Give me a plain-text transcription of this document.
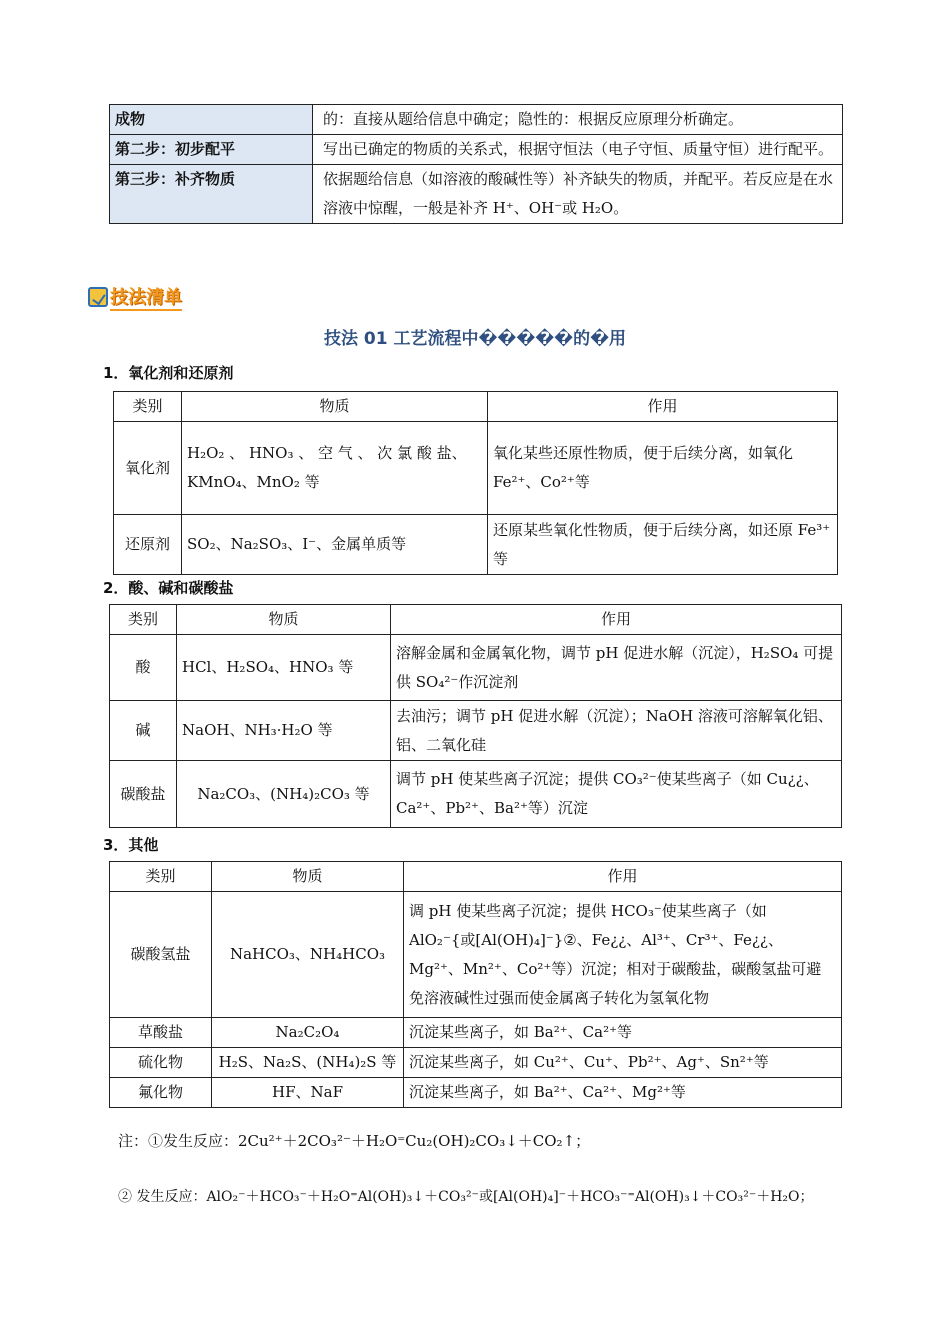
成物	的：直接从题给信息中确定；隐性的：根据反应原理分析确定。
第二步：初步配平	写出已确定的物质的关系式，根据守恒法（电子守恒、质量守恒）进行配平。
第三步：补齐物质	依据题给信息（如溶液的酸碱性等）补齐缺失的物质，并配平。若反应是在水溶液中惊醒，一般是补齐 H⁺、OH⁻或 H₂O。
技法清单
技法 01 工艺流程中�����的�用
1．氧化剂和还原剂
类别	物质	作用
氧化剂	H₂O₂ 、 HNO₃ 、 空 气 、 次 氯 酸 盐、KMnO₄、MnO₂ 等	氧化某些还原性物质，便于后续分离，如氧化 Fe²⁺、Co²⁺等
还原剂	SO₂、Na₂SO₃、I⁻、金属单质等	还原某些氧化性物质，便于后续分离，如还原 Fe³⁺等
2．酸、碱和碳酸盐
类别	物质	作用
酸	HCl、H₂SO₄、HNO₃ 等	溶解金属和金属氧化物，调节 pH 促进水解（沉淀），H₂SO₄ 可提供 SO₄²⁻作沉淀剂
碱	NaOH、NH₃·H₂O 等	去油污；调节 pH 促进水解（沉淀）；NaOH 溶液可溶解氧化铝、铝、二氧化硅
碳酸盐	Na₂CO₃、(NH₄)₂CO₃ 等	调节 pH 使某些离子沉淀；提供 CO₃²⁻使某些离子（如 Cu¿¿、Ca²⁺、Pb²⁺、Ba²⁺等）沉淀
3．其他
类别	物质	作用
碳酸氢盐	NaHCO₃、NH₄HCO₃	调 pH 使某些离子沉淀；提供 HCO₃⁻使某些离子（如 AlO₂⁻{或[Al(OH)₄]⁻}②、Fe¿¿、Al³⁺、Cr³⁺、Fe¿¿、Mg²⁺、Mn²⁺、Co²⁺等）沉淀；相对于碳酸盐，碳酸氢盐可避免溶液碱性过强而使金属离子转化为氢氧化物
草酸盐	Na₂C₂O₄	沉淀某些离子，如 Ba²⁺、Ca²⁺等
硫化物	H₂S、Na₂S、(NH₄)₂S 等	沉淀某些离子，如 Cu²⁺、Cu⁺、Pb²⁺、Ag⁺、Sn²⁺等
氟化物	HF、NaF	沉淀某些离子，如 Ba²⁺、Ca²⁺、Mg²⁺等
注：①发生反应：2Cu²⁺＋2CO₃²⁻＋H₂O⁼Cu₂(OH)₂CO₃↓＋CO₂↑；
② 发生反应：AlO₂⁻＋HCO₃⁻＋H₂O⁼Al(OH)₃↓＋CO₃²⁻或[Al(OH)₄]⁻＋HCO₃⁻⁼Al(OH)₃↓＋CO₃²⁻＋H₂O；
